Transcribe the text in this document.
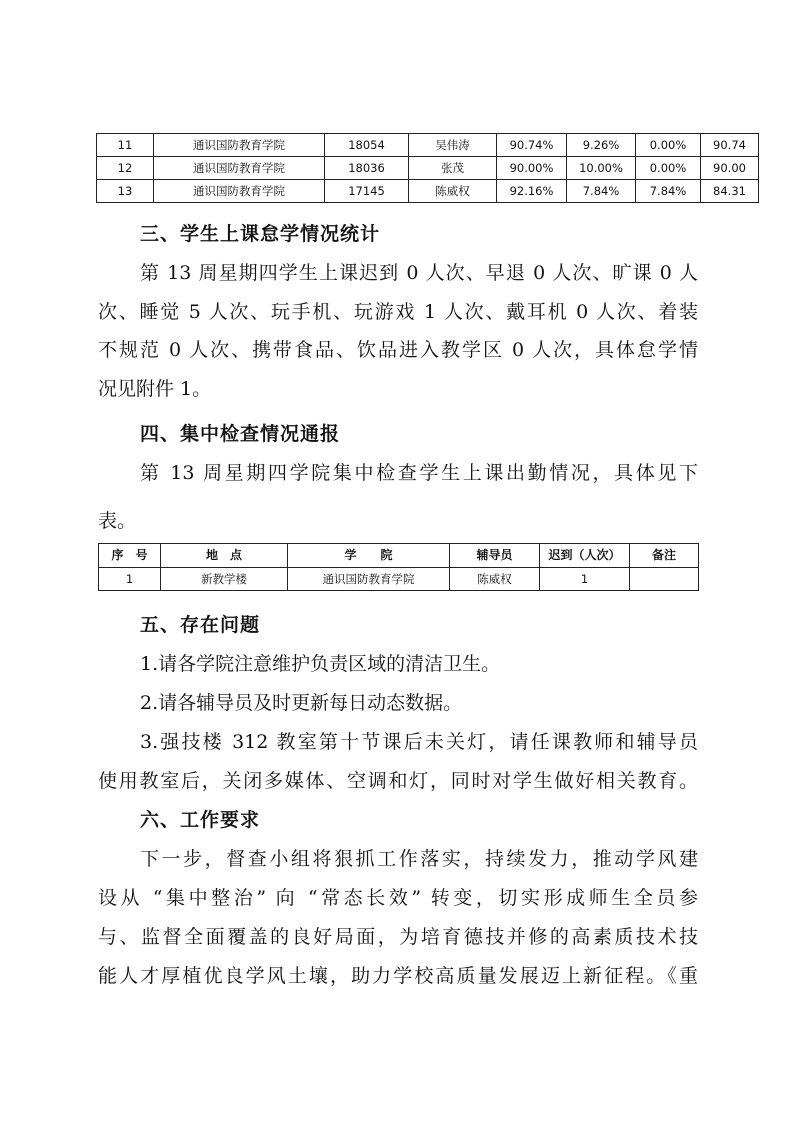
11	通识国防教育学院	18054	吴伟涛	90.74%	9.26%	0.00%	90.74
12	通识国防教育学院	18036	张茂	90.00%	10.00%	0.00%	90.00
13	通识国防教育学院	17145	陈威权	92.16%	7.84%	7.84%	84.31
三、学生上课怠学情况统计
第 13 周星期四学生上课迟到 0 人次、早退 0 人次、旷课 0 人
次、睡觉 5 人次、玩手机、玩游戏 1 人次、戴耳机 0 人次、着装
不规范 0 人次、携带食品、饮品进入教学区 0 人次，具体怠学情
况见附件 1。
四、集中检查情况通报
第 13 周星期四学院集中检查学生上课出勤情况，具体见下
表。
序　号	地　点	学　　院	辅导员	迟到（人次）	备注
1	新教学楼	通识国防教育学院	陈威权	1	
五、存在问题
1.请各学院注意维护负责区域的清洁卫生。
2.请各辅导员及时更新每日动态数据。
3.强技楼 312 教室第十节课后未关灯，请任课教师和辅导员
使用教室后，关闭多媒体、空调和灯，同时对学生做好相关教育。
六、工作要求
下一步，督查小组将狠抓工作落实，持续发力，推动学风建
设从 “集中整治” 向 “常态长效” 转变，切实形成师生全员参
与、监督全面覆盖的良好局面，为培育德技并修的高素质技术技
能人才厚植优良学风土壤，助力学校高质量发展迈上新征程。《重
